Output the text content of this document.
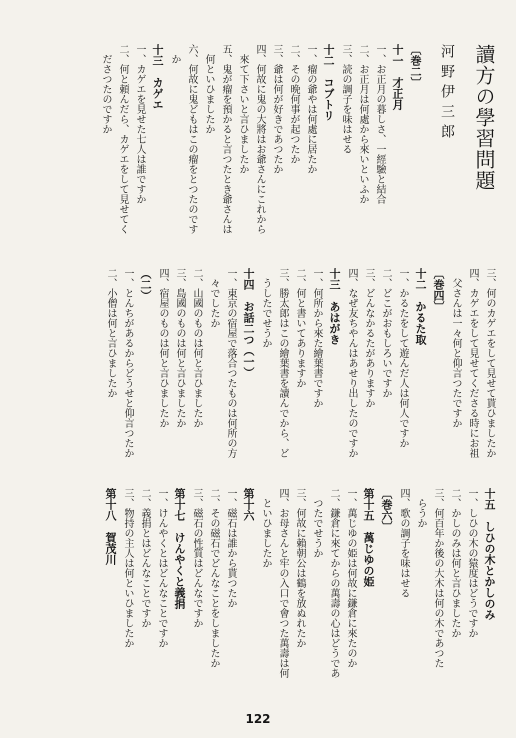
讀方の學習問題
河野伊三郎
〔巻二〕
十一　才正月
一、お正月の暮しさ、一經驗と結合
二、お正月は何處から來いといふか
三、読の調子を味はせる
十二　コブトリ
一、瘤の爺やは何處に居たか
二、その晩何事が起つたか
三、爺は何が好きであつたか
四、何故に鬼の大將はお爺さんにこれから
　來て下さいと言ひましたか
五、鬼が瘤を預かると言つたとき爺さんは
　何といひましたか
六、何故に鬼どもはこの瘤をとつたのです
　か
十三　カゲエ
一、カゲエを見せた七人は誰ですか
二、何と頼んだら、カゲエをして見せてく
　ださつたのですか
三、何のカゲエをして見せて貰ひましたか
四、カゲエをして見せてくださる時にお祖
　父さんは一々何と仰言つたですか
〔巻四〕
十二　かるた取
一、かるたをして遊んだ人は何人ですか
二、どこがおもしろいですか
三、どんなかるたがありますか
四、なぜ友ちやんはあせり出したのですか
十三　あはがき
一、何所から來た繪葉書ですか
二、何と書いてありますか
三、勝太郎はこの繪葉書を讀んでから、ど
　うしたでせうか
十四　お話二つ（一）
一、東京の宿屋で落合つたものは何所の方
　々でしたか
二、山國のものは何と言ひましたか
三、島國のものは何と言ひましたか
四、宿屋のものは何と言ひましたか
（二）
一、とんちがあるからどうせと仰言つたか
二、小僧は何と言ひましたか
十五　しひの木とかしのみ
一、しひの木の猿度はどうですか
二、かしのみは何と言ひましたか
三、何百年か後の大木は何の木であつた
　らうか
四、歌の調子を味はせる
〔巻六〕
第十五　萬じゆの姫
一、萬じゆの姫は何故に鎌倉に來たのか
二、鎌倉に來てからの萬壽の心はどうであ
　つたでせうか
三、何故に賴朝公は鶴を放ぬれたか
四、お母さんと牢の入口で會つた萬壽は何
　といひましたか
第十六
一、磁石は誰から貰つたか
二、その磁石でどんなことをしましたか
三、磁石の性質はどんなですか
第十七　けんやくと義捐
一、けんやくとはどんなことですか
二、義捐とはどんなことですか
三、物持の主人は何といひましたか
第十八　賀茂川
122
